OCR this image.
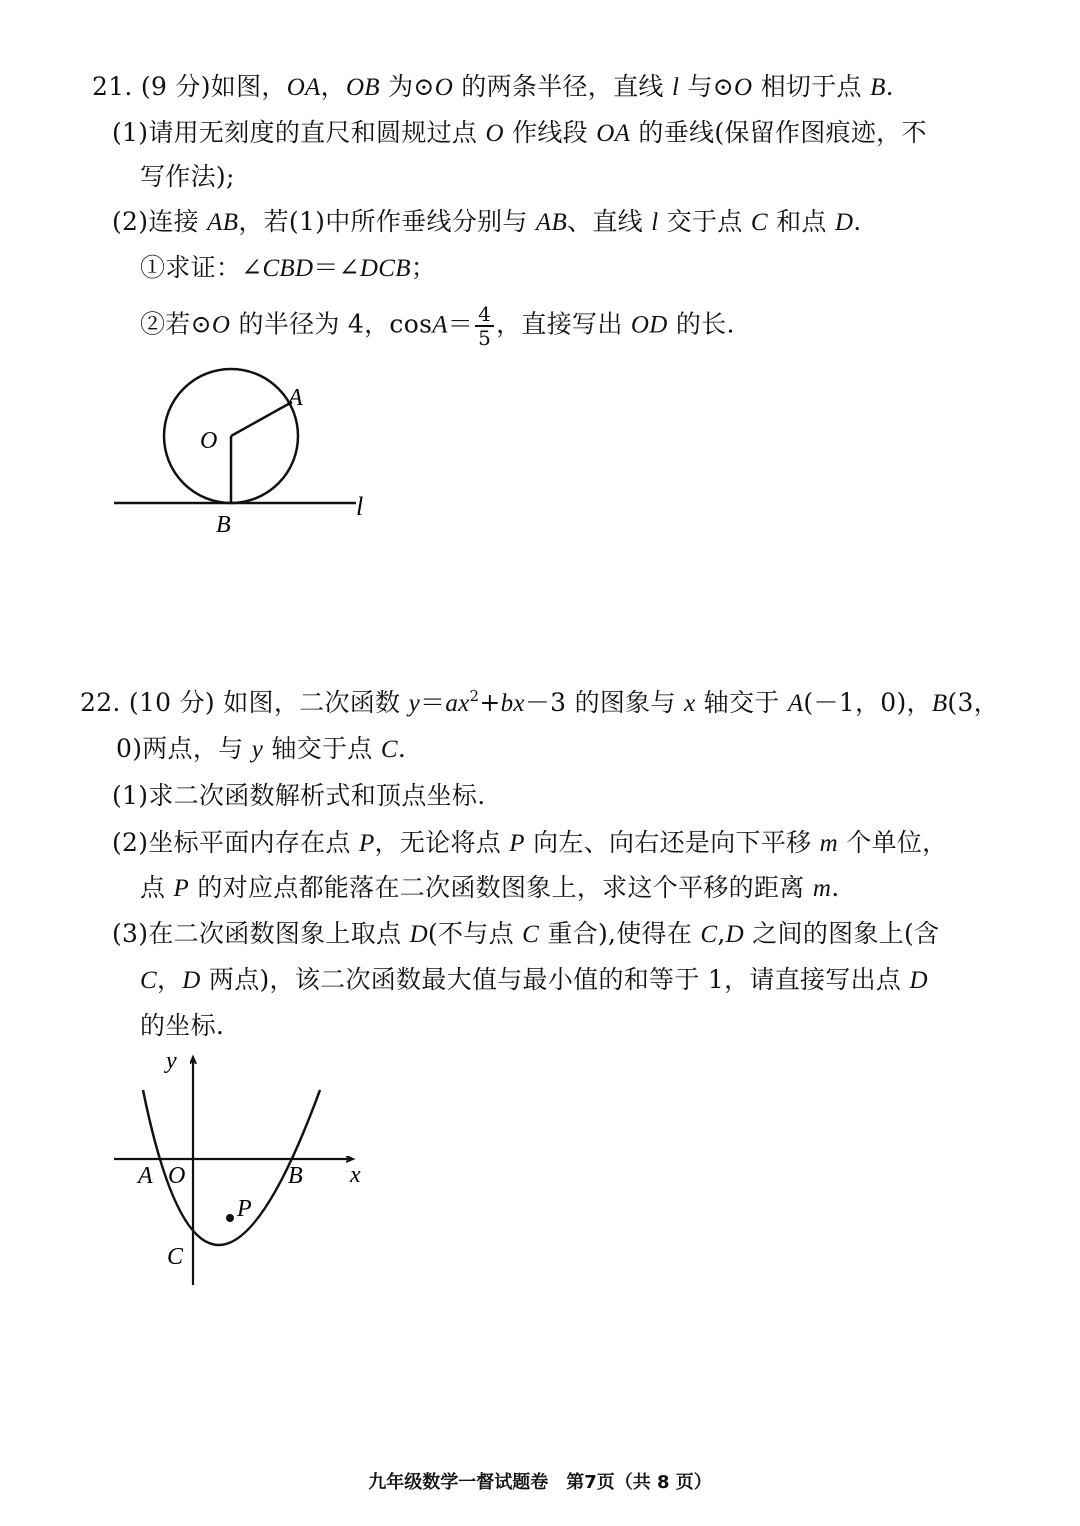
21. (9 分)如图，OA，OB 为⊙O 的两条半径，直线 l 与⊙O 相切于点 B.
(1)请用无刻度的直尺和圆规过点 O 作线段 OA 的垂线(保留作图痕迹，不
写作法);
(2)连接 AB，若(1)中所作垂线分别与 AB、直线 l 交于点 C 和点 D.
①求证：∠CBD＝∠DCB；
②若⊙O 的半径为 4，$\cos A= \frac{4}{5}$ ，直接写出 OD 的长.
O
A
B
l
22. (10 分) 如图，二次函数 $y=ax^2+bx-3$ 的图象与 x 轴交于 A(－1，0)，B(3，
0)两点，与 y 轴交于点 C.
(1)求二次函数解析式和顶点坐标.
(2)坐标平面内存在点 P，无论将点 P 向左、向右还是向下平移 m 个单位，
点 P 的对应点都能落在二次函数图象上，求这个平移的距离 m.
(3)在二次函数图象上取点 D(不与点 C 重合),使得在 C,D 之间的图象上(含
C，D 两点)，该二次函数最大值与最小值的和等于 1，请直接写出点 D
的坐标.
y
x
A O	B
C
P
九年级数学一督试题卷　第7页（共 8 页）
